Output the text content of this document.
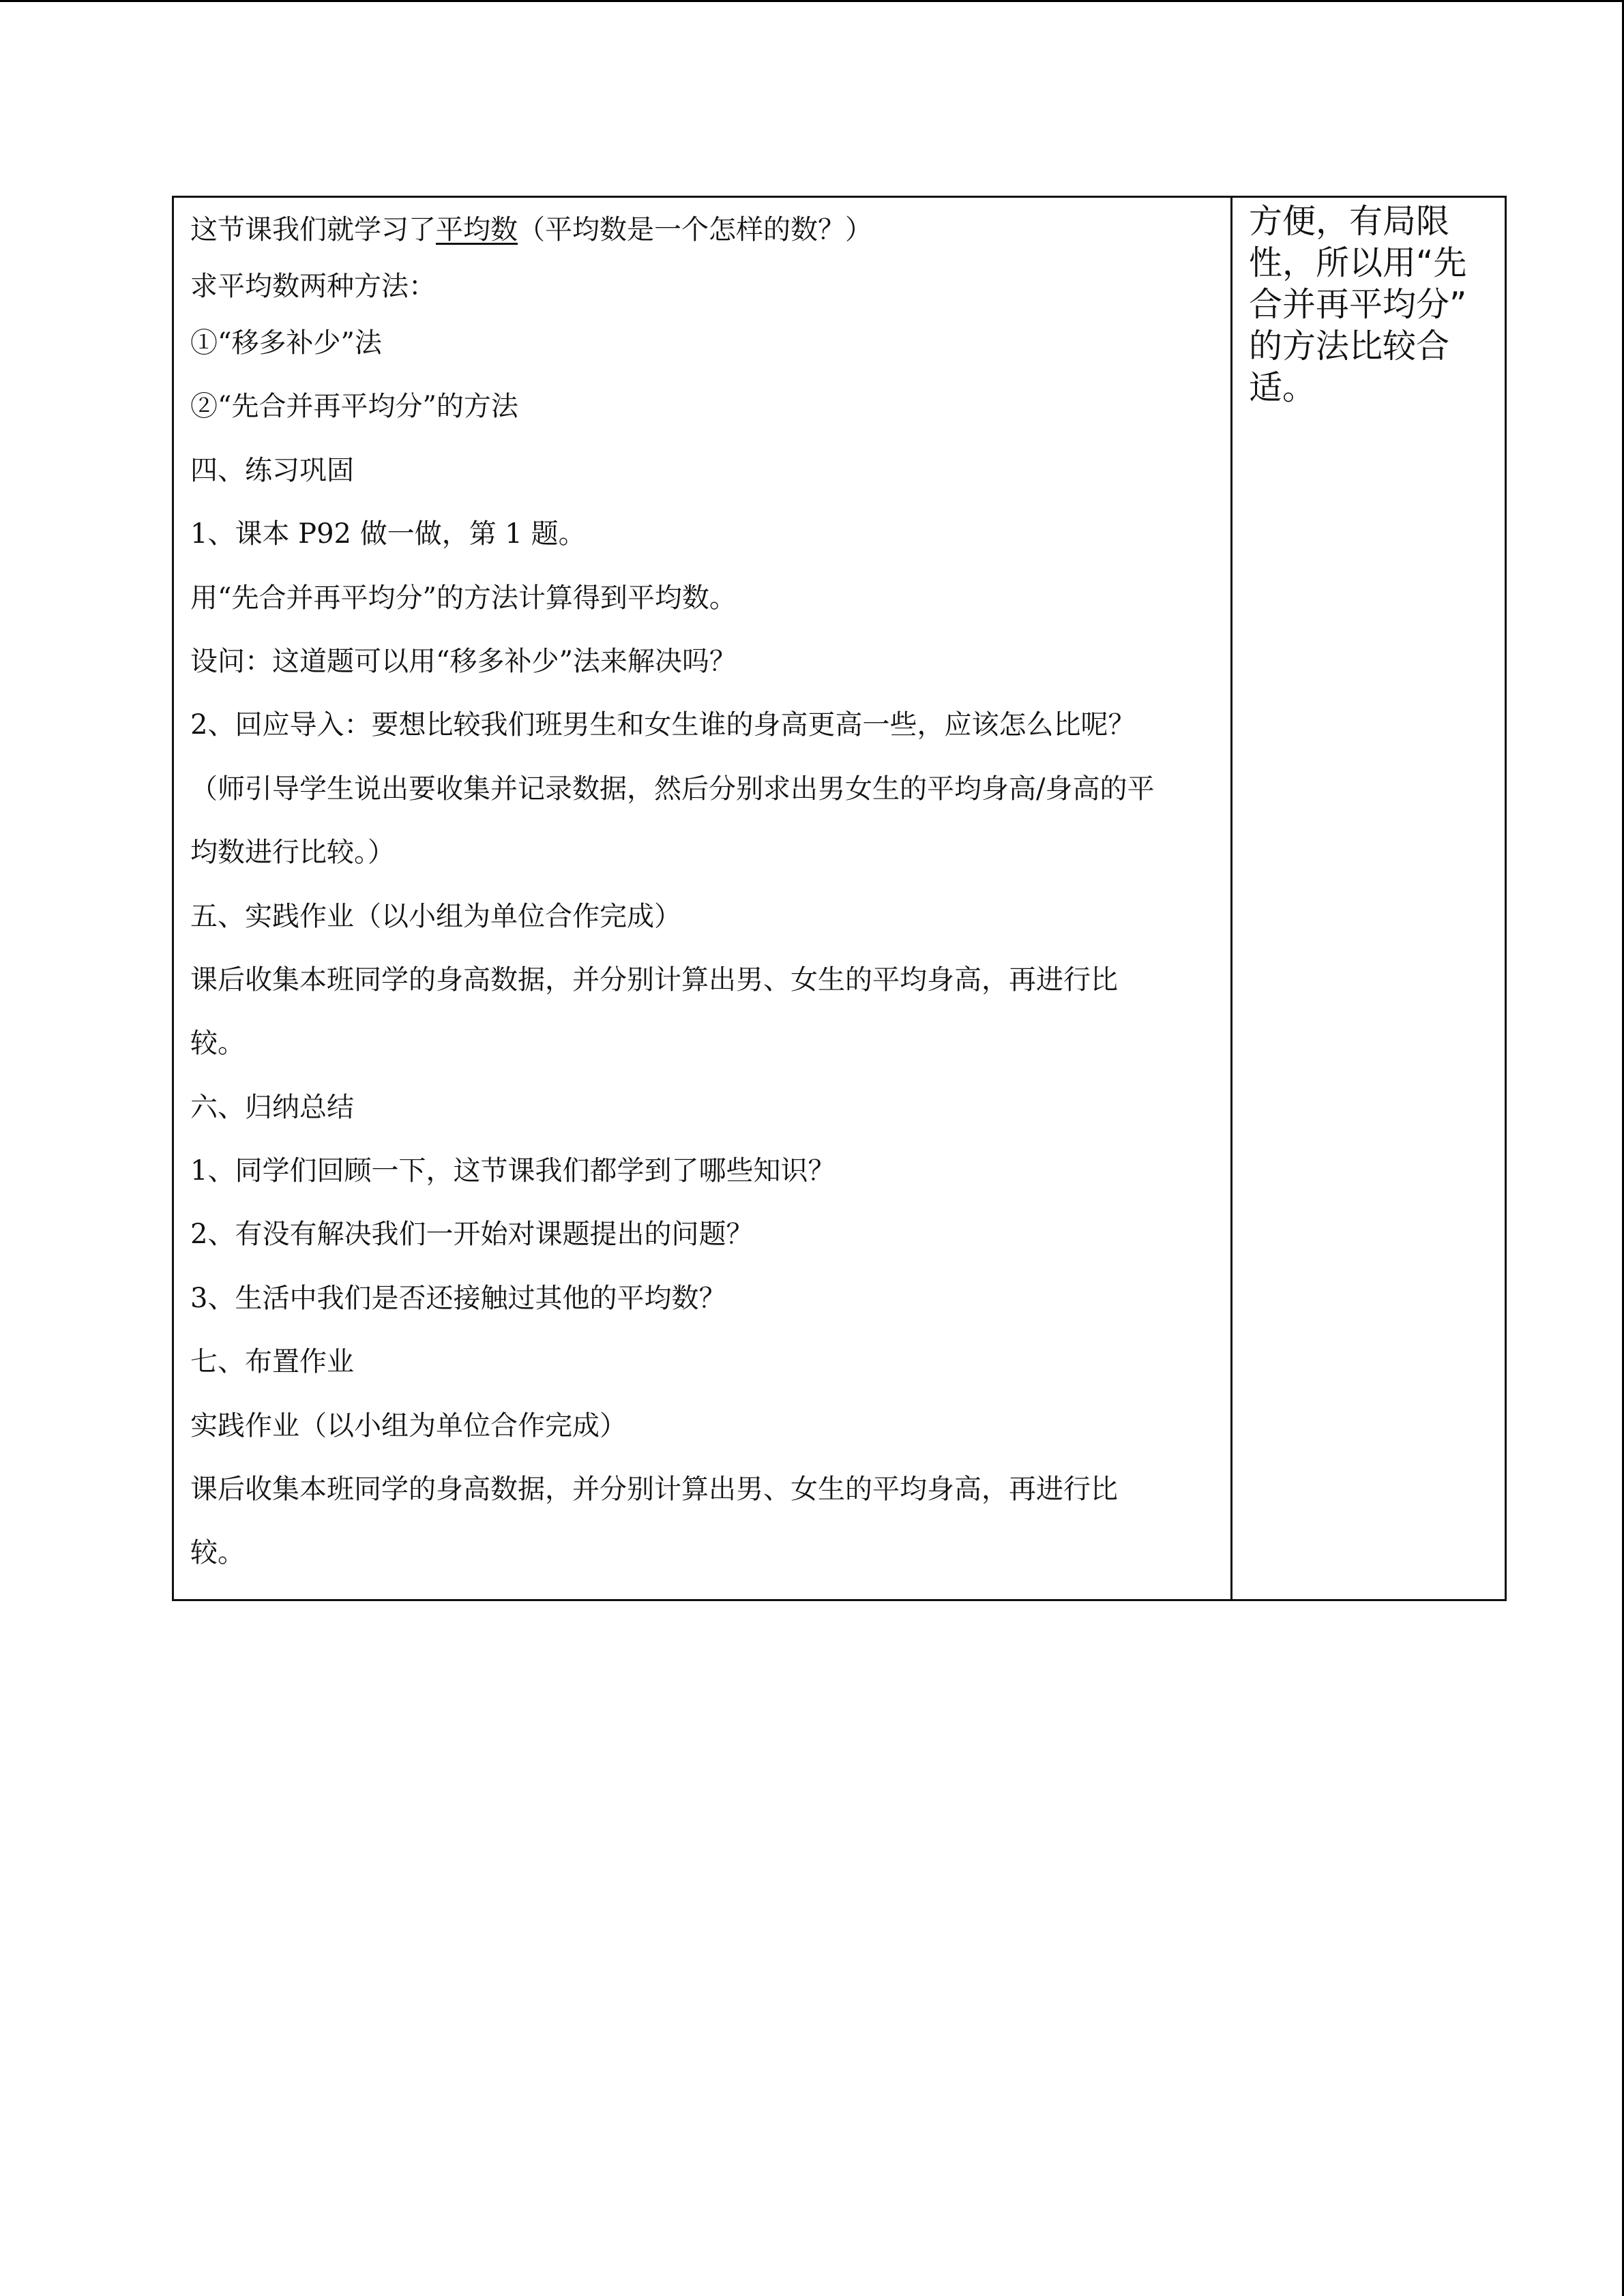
这节课我们就学习了平均数（平均数是一个怎样的数？）
求平均数两种方法：
①“移多补少”法
②“先合并再平均分”的方法
四、练习巩固
1、课本 P92 做一做，第 1 题。
用“先合并再平均分”的方法计算得到平均数。
设问：这道题可以用“移多补少”法来解决吗？
2、回应导入：要想比较我们班男生和女生谁的身高更高一些，应该怎么比呢？
（师引导学生说出要收集并记录数据，然后分别求出男女生的平均身高/身高的平
均数进行比较。）
五、实践作业（以小组为单位合作完成）
课后收集本班同学的身高数据，并分别计算出男、女生的平均身高，再进行比
较。
六、归纳总结
1、同学们回顾一下，这节课我们都学到了哪些知识？
2、有没有解决我们一开始对课题提出的问题？
3、生活中我们是否还接触过其他的平均数？
七、布置作业
实践作业（以小组为单位合作完成）
课后收集本班同学的身高数据，并分别计算出男、女生的平均身高，再进行比
较。
方便，有局限
性，所以用“先
合并再平均分”
的方法比较合
适。
